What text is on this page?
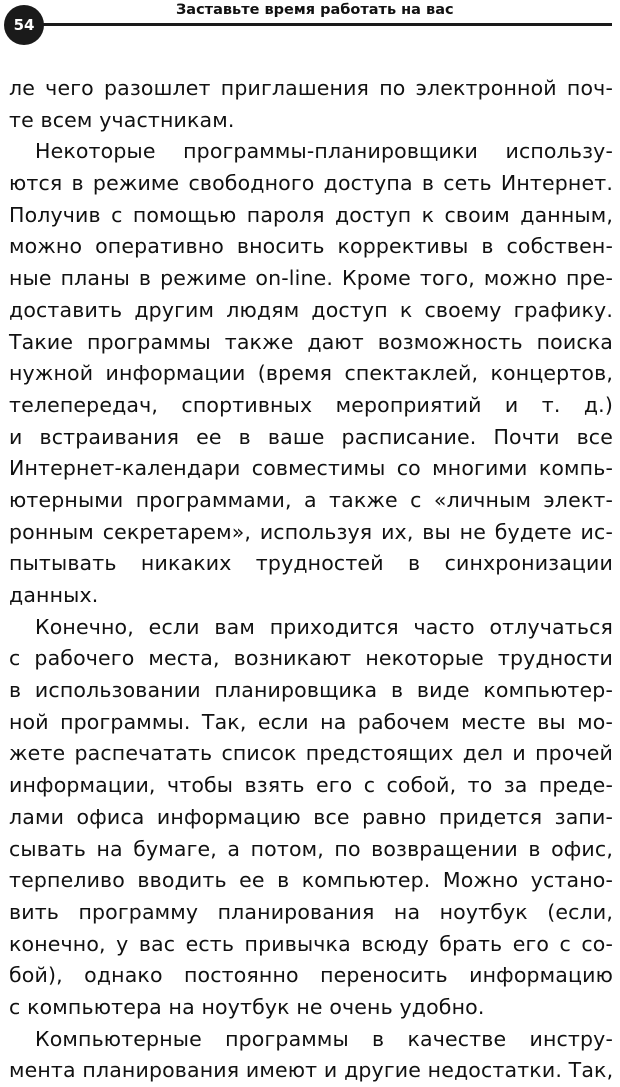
54
Заставьте время работать на вас
ле чего разошлет приглашения по электронной поч-
те всем участникам.
Некоторые программы-планировщики использу-
ются в режиме свободного доступа в сеть Интернет.
Получив с помощью пароля доступ к своим данным,
можно оперативно вносить коррективы в собствен-
ные планы в режиме on-line. Кроме того, можно пре-
доставить другим людям доступ к своему графику.
Такие программы также дают возможность поиска
нужной информации (время спектаклей, концертов,
телепередач, спортивных мероприятий и т. д.)
и встраивания ее в ваше расписание. Почти все
Интернет-календари совместимы со многими компь-
ютерными программами, а также с «личным элект-
ронным секретарем», используя их, вы не будете ис-
пытывать никаких трудностей в синхронизации
данных.
Конечно, если вам приходится часто отлучаться
с рабочего места, возникают некоторые трудности
в использовании планировщика в виде компьютер-
ной программы. Так, если на рабочем месте вы мо-
жете распечатать список предстоящих дел и прочей
информации, чтобы взять его с собой, то за преде-
лами офиса информацию все равно придется запи-
сывать на бумаге, а потом, по возвращении в офис,
терпеливо вводить ее в компьютер. Можно устано-
вить программу планирования на ноутбук (если,
конечно, у вас есть привычка всюду брать его с со-
бой), однако постоянно переносить информацию
с компьютера на ноутбук не очень удобно.
Компьютерные программы в качестве инстру-
мента планирования имеют и другие недостатки. Так,
